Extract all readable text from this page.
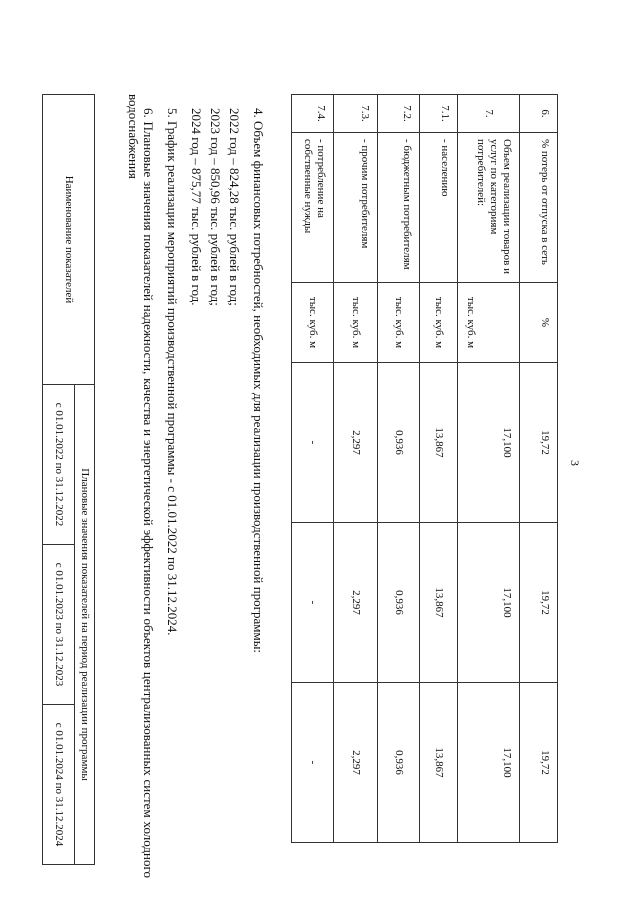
3
6.	% потерь от отпуска в сеть	%	19,72	19,72	19,72
7.	Объем реализации товаров и услуг по категориям потребителей:	тыс. куб. м	17,100	17,100	17,100
7.1.	- населению	тыс. куб. м	13,867	13,867	13,867
7.2.	- бюджетным потребителям	тыс. куб. м	0,936	0,936	0,936
7.3.	- прочим потребителям	тыс. куб. м	2,297	2,297	2,297
7.4.	- потребление на собственные нужды	тыс. куб. м	-	-	-

4. Объем финансовых потребностей, необходимых для реализации производственной программы:

2022 год – 824,28 тыс. рублей в год;

2023 год – 850,96 тыс. рублей в год;

2024 год – 875,77 тыс. рублей в год.

5. График реализации мероприятий производственной программы - с 01.01.2022 по 31.12.2024.

6. Плановые значения показателей надежности, качества и энергетической эффективности объектов централизованных систем холодного водоснабжения

Наименование показателей	Плановые значения показателей на период реализации программы		
	с 01.01.2022 по 31.12.2022	с 01.01.2023 по 31.12.2023	с 01.01.2024 по 31.12.2024
